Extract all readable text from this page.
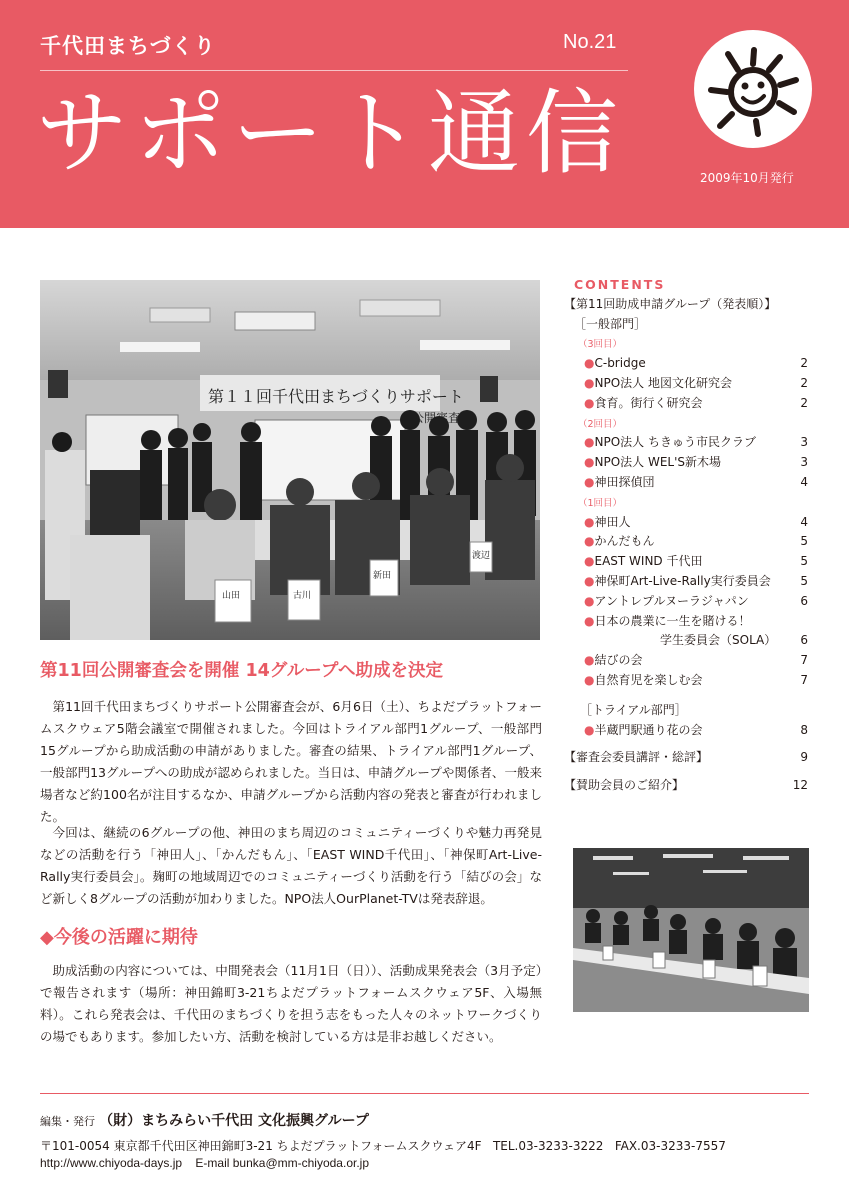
千代田まちづくり	No.21
サポート通信	2009年10月発行
第１１回千代田まちづくりサポート
山田	古川
新田
渡辺
第11回公開審査会を開催 14グループへ助成を決定

第11回千代田まちづくりサポート公開審査会が、6月6日（土）、ちよだプラットフォームスクウェア5階会議室で開催されました。今回はトライアル部門1グループ、一般部門15グループから助成活動の申請がありました。審査の結果、トライアル部門1グループ、一般部門13グループへの助成が認められました。当日は、申請グループや関係者、一般来場者など約100名が注目するなか、申請グループから活動内容の発表と審査が行われました。

今回は、継続の6グループの他、神田のまち周辺のコミュニティーづくりや魅力再発見などの活動を行う「神田人」、「かんだもん」、「EAST WIND千代田」、「神保町Art-Live-Rally実行委員会」。麹町の地域周辺でのコミュニティーづくり活動を行う「結びの会」など新しく8グループの活動が加わりました。NPO法人OurPlanet-TVは発表辞退。

◆今後の活躍に期待

助成活動の内容については、中間発表会（11月1日（日））、活動成果発表会（3月予定）で報告されます（場所：神田錦町3-21ちよだプラットフォームスクウェア5F、入場無料）。これら発表会は、千代田のまちづくりを担う志をもった人々のネットワークづくりの場でもあります。参加したい方、活動を検討している方は是非お越しください。

CONTENTS
【第11回助成申請グループ（発表順）】
［一般部門］
（3回目）
●C-bridge	2
●NPO法人 地図文化研究会	2
●食育。街行く研究会	2
（2回目）
●NPO法人 ちきゅう市民クラブ	3
●NPO法人 WEL'S新木場	3
●神田探偵団	4
（1回目）
●神田人	4
●かんだもん	5
●EAST WIND 千代田	5
●神保町Art-Live-Rally実行委員会 5
●アントレプルヌーラジャパン	6
●日本の農業に一生を賭ける！
学生委員会（SOLA） 6
●結びの会	7
●自然育児を楽しむ会	7
［トライアル部門］
●半蔵門駅通り花の会	8
【審査会委員講評・総評】	9
【賛助会員のご紹介】	12
編集・発行 （財）まちみらい千代田 文化振興グループ
〒101-0054 東京都千代田区神田錦町3-21 ちよだプラットフォームスクウェア4F TEL.03-3233-3222 FAX.03-3233-7557
http://www.chiyoda-days.jp E-mail bunka@mm-chiyoda.or.jp
